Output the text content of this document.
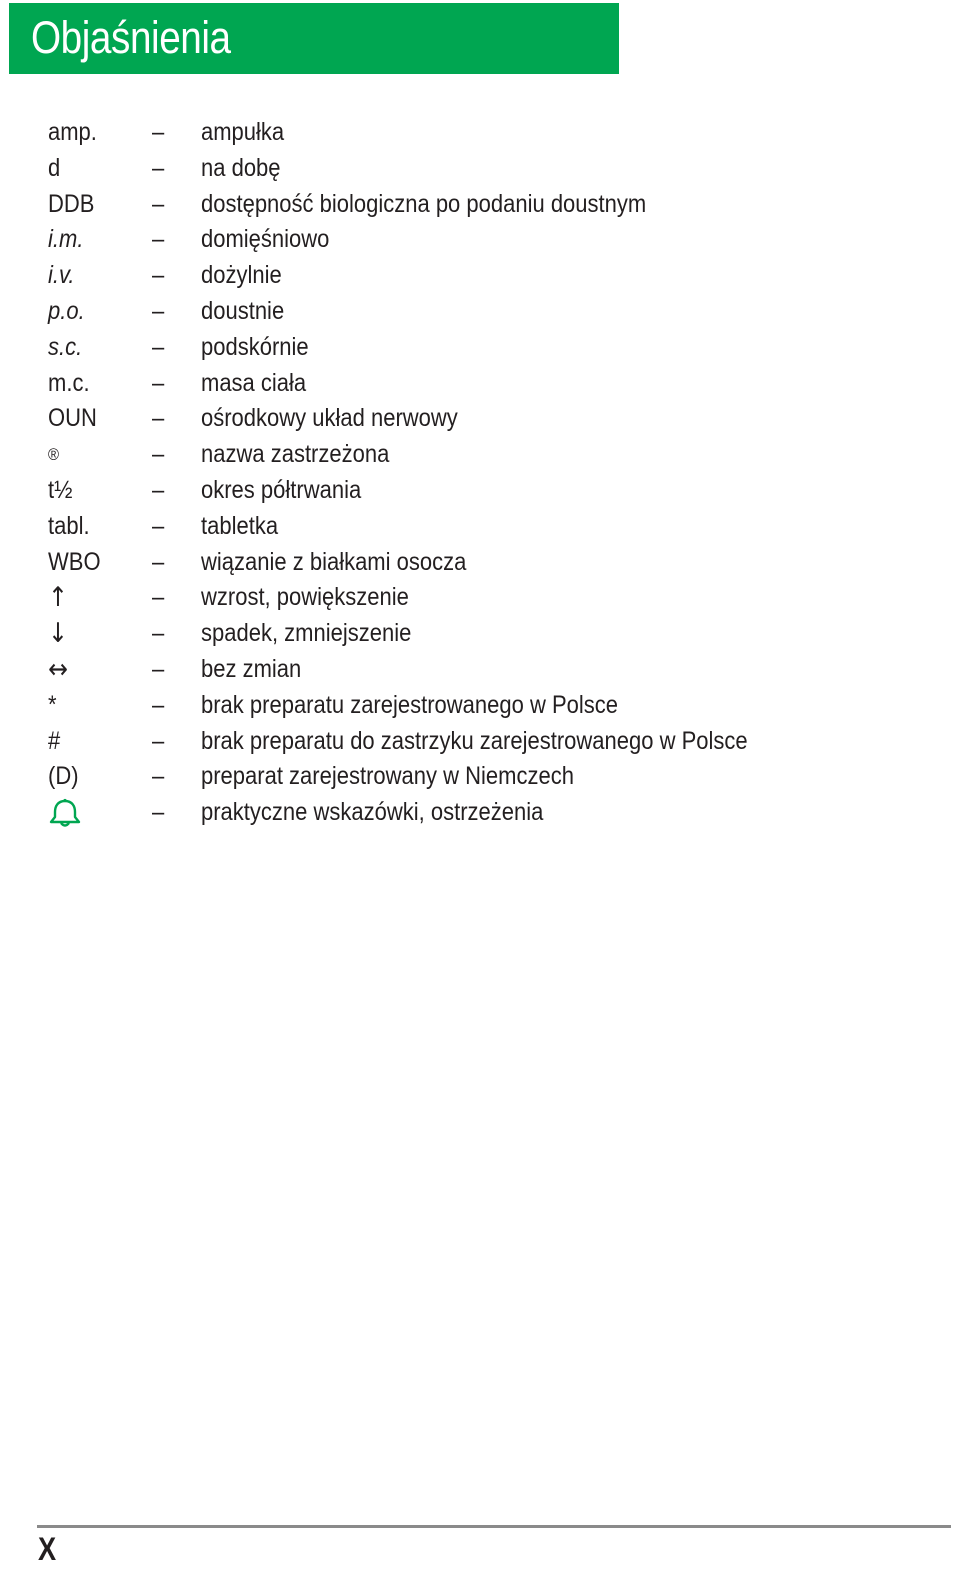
Objaśnienia
amp. – ampułka
d	– na dobę
DDB – dostępność biologiczna po podaniu doustnym
i.m.	– domięśniowo
i.v.	– dożylnie
p.o.	– doustnie
s.c.	– podskórnie
m.c. – masa ciała
OUN – ośrodkowy układ nerwowy
®	– nazwa zastrzeżona
t½	– okres półtrwania
tabl. – tabletka
WBO – wiązanie z białkami osocza
↑	– wzrost, powiększenie
↓	– spadek, zmniejszenie
↔	– bez zmian
*	– brak preparatu zarejestrowanego w Polsce
#	– brak preparatu do zastrzyku zarejestrowanego w Polsce
(D)	– preparat zarejestrowany w Niemczech
– praktyczne wskazówki, ostrzeżenia
X
